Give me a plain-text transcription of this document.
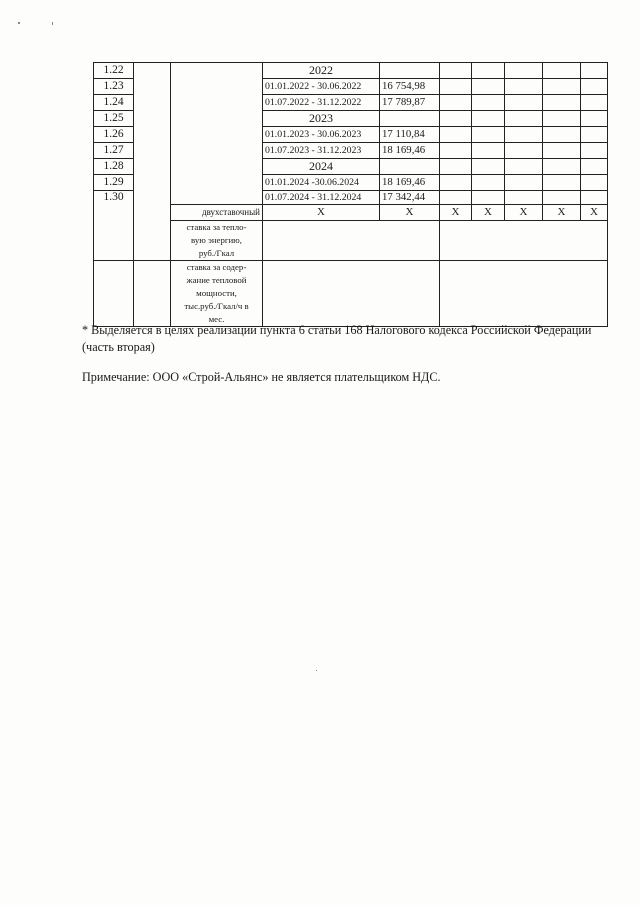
1.22			2022						
1.23			01.01.2022 - 30.06.2022	16 754,98					
1.24			01.07.2022 - 31.12.2022	17 789,87					
1.25			2023						
1.26			01.01.2023 - 30.06.2023	17 110,84					
1.27			01.07.2023 - 31.12.2023	18 169,46					
1.28			2024						
1.29			01.01.2024 -30.06.2024	18 169,46					
1.30			01.07.2024 - 31.12.2024	17 342,44					
		двухставочный	X	X	X	X	X	X	X
		ставка за тепло-
вую энергию,
руб./Гкал							
		ставка за содер-
жание тепловой
мощности,
тыс.руб./Гкал/ч в
мес.							
* Выделяется в целях реализации пункта 6 статьи 168 Налогового кодекса Российской Федерации
(часть вторая)
Примечание: ООО «Строй-Альянс» не является плательщиком НДС.
